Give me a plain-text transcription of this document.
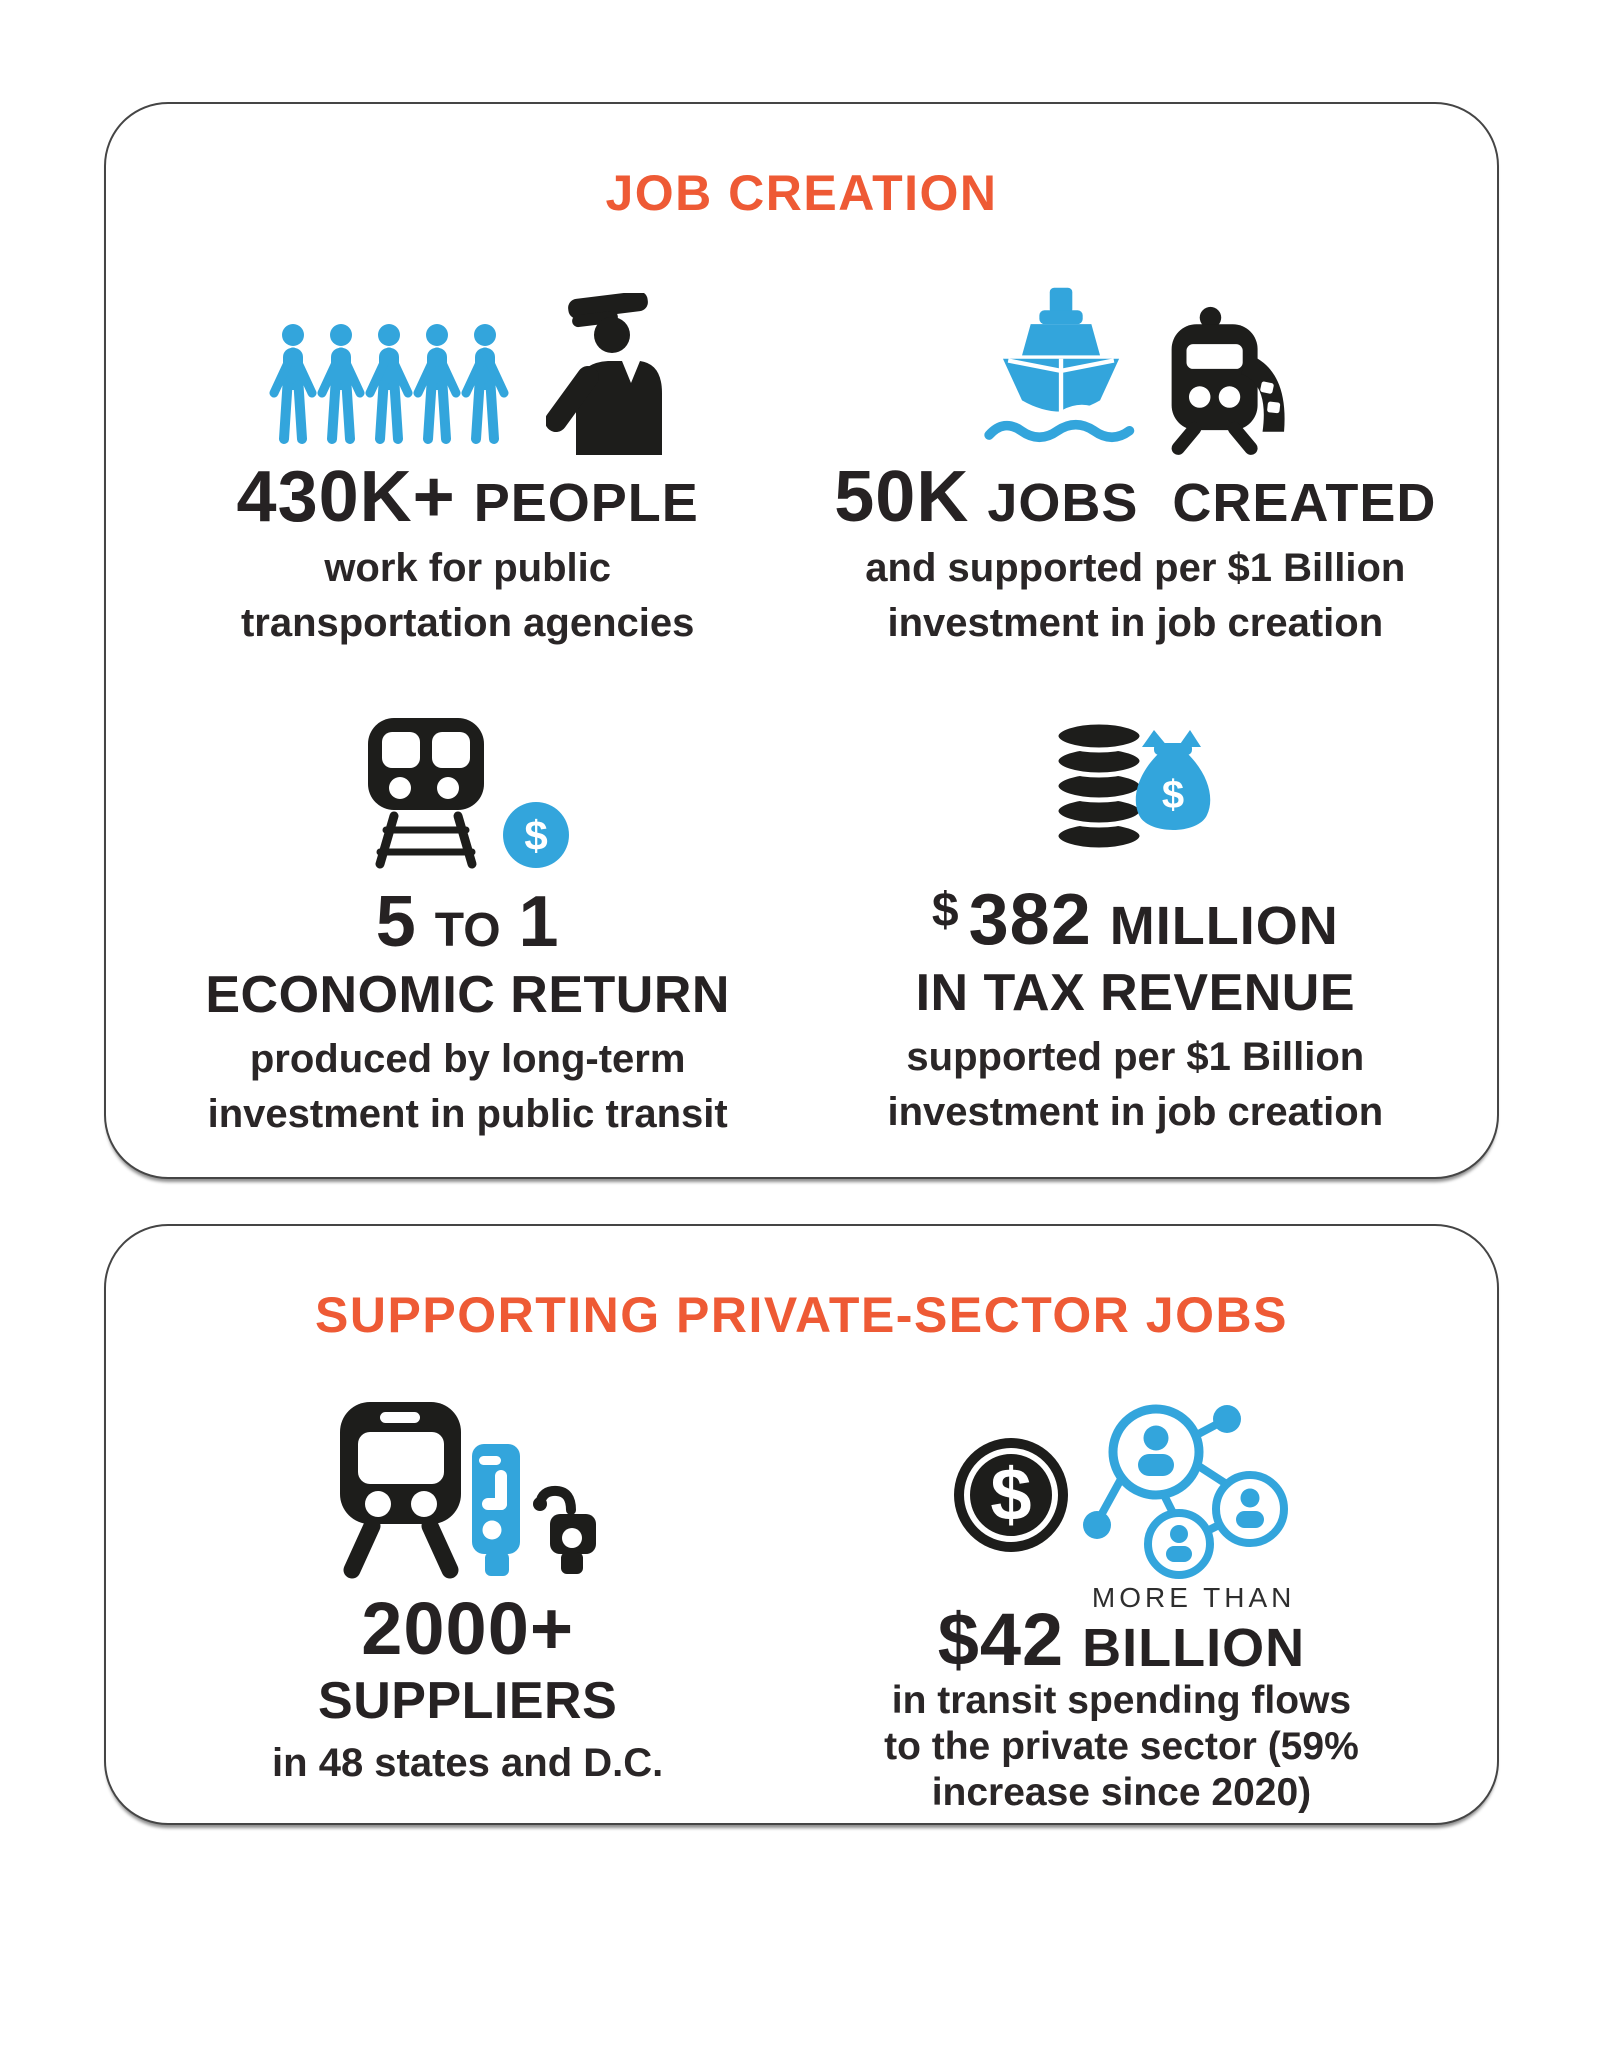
JOB CREATION
430K+ PEOPLE
work for public
transportation agencies
50K JOBS CREATED
and supported per $1 Billion
investment in job creation
$
5 TO 1
ECONOMIC RETURN
produced by long-term
investment in public transit
$
$ 382 MILLION
IN TAX REVENUE
supported per $1 Billion
investment in job creation
SUPPORTING PRIVATE-SECTOR JOBS
2000+
SUPPLIERS
in 48 states and D.C.
$
$42
MORE THAN
BILLION
in transit spending flows
to the private sector (59%
increase since 2020)
